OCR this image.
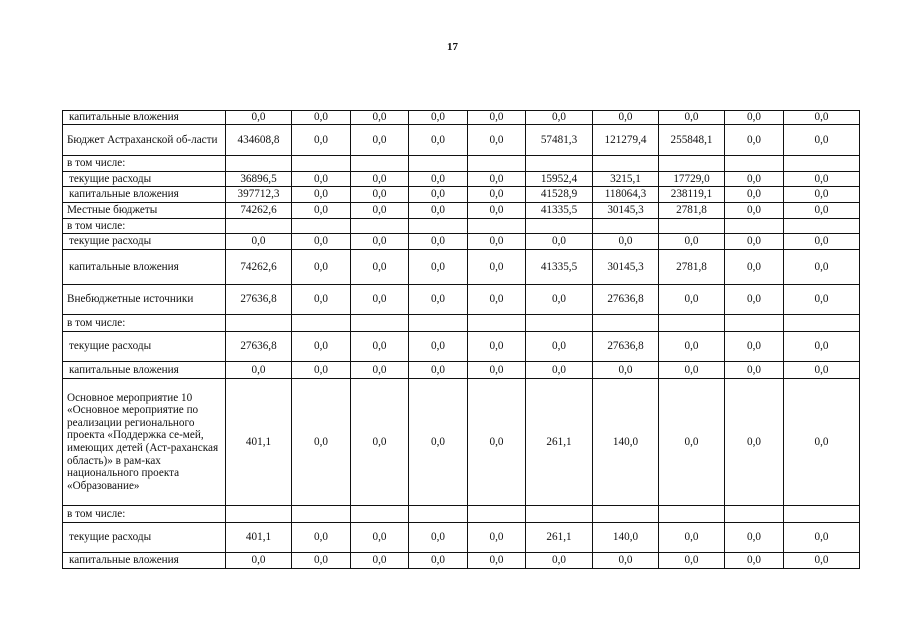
17
капитальные вложения	0,0	0,0	0,0	0,0	0,0	0,0	0,0	0,0	0,0	0,0
Бюджет Астраханской об-ласти	434608,8	0,0	0,0	0,0	0,0	57481,3	121279,4	255848,1	0,0	0,0
в том числе:										
текущие расходы	36896,5	0,0	0,0	0,0	0,0	15952,4	3215,1	17729,0	0,0	0,0
капитальные вложения	397712,3	0,0	0,0	0,0	0,0	41528,9	118064,3	238119,1	0,0	0,0
Местные бюджеты	74262,6	0,0	0,0	0,0	0,0	41335,5	30145,3	2781,8	0,0	0,0
в том числе:										
текущие расходы	0,0	0,0	0,0	0,0	0,0	0,0	0,0	0,0	0,0	0,0
капитальные вложения	74262,6	0,0	0,0	0,0	0,0	41335,5	30145,3	2781,8	0,0	0,0
Внебюджетные источники	27636,8	0,0	0,0	0,0	0,0	0,0	27636,8	0,0	0,0	0,0
в том числе:										
текущие расходы	27636,8	0,0	0,0	0,0	0,0	0,0	27636,8	0,0	0,0	0,0
капитальные вложения	0,0	0,0	0,0	0,0	0,0	0,0	0,0	0,0	0,0	0,0
Основное мероприятие 10 «Основное мероприятие по реализации регионального проекта «Поддержка се-мей, имеющих детей (Аст-раханская область)» в рам-ках национального проекта «Образование»	401,1	0,0	0,0	0,0	0,0	261,1	140,0	0,0	0,0	0,0
в том числе:										
текущие расходы	401,1	0,0	0,0	0,0	0,0	261,1	140,0	0,0	0,0	0,0
капитальные вложения	0,0	0,0	0,0	0,0	0,0	0,0	0,0	0,0	0,0	0,0
